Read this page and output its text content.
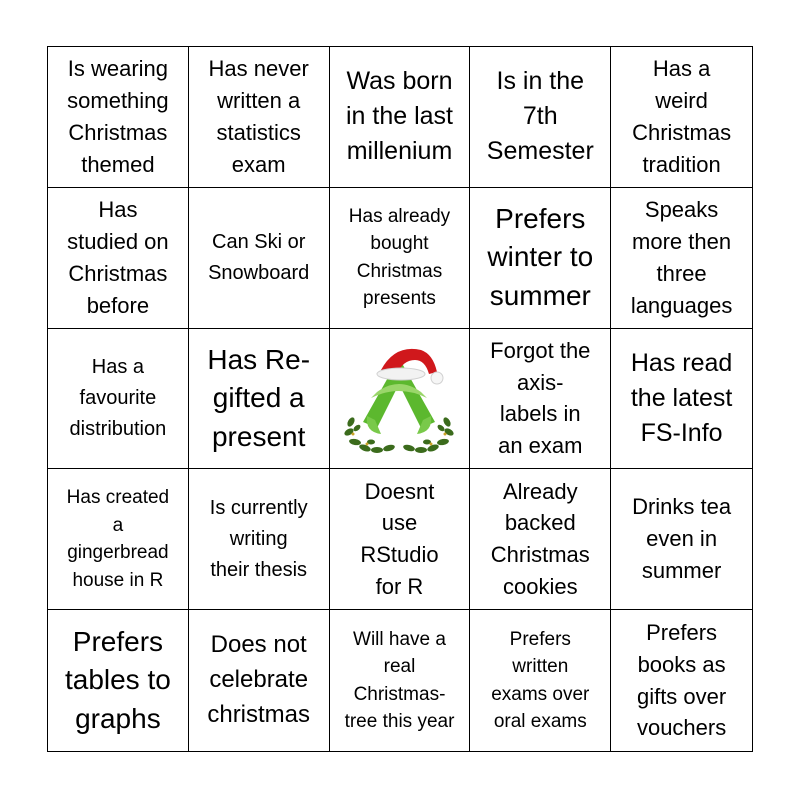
Is wearing
something
Christmas
themed
Has never
written a
statistics
exam
Was born
in the last
millenium
Is in the
7th
Semester
Has a
weird
Christmas
tradition
Has
studied on
Christmas
before
Can Ski or
Snowboard
Has already
bought
Christmas
presents
Prefers
winter to
summer
Speaks
more then
three
languages
Has a
favourite
distribution
Has Re-
gifted a
present
Forgot the
axis-
labels in
an exam
Has read
the latest
FS-Info
Has created
a
gingerbread
house in R
Is currently
writing
their thesis
Doesnt
use
RStudio
for R
Already
backed
Christmas
cookies
Drinks tea
even in
summer
Prefers
tables to
graphs
Does not
celebrate
christmas
Will have a
real
Christmas-
tree this year
Prefers
written
exams over
oral exams
Prefers
books as
gifts over
vouchers
